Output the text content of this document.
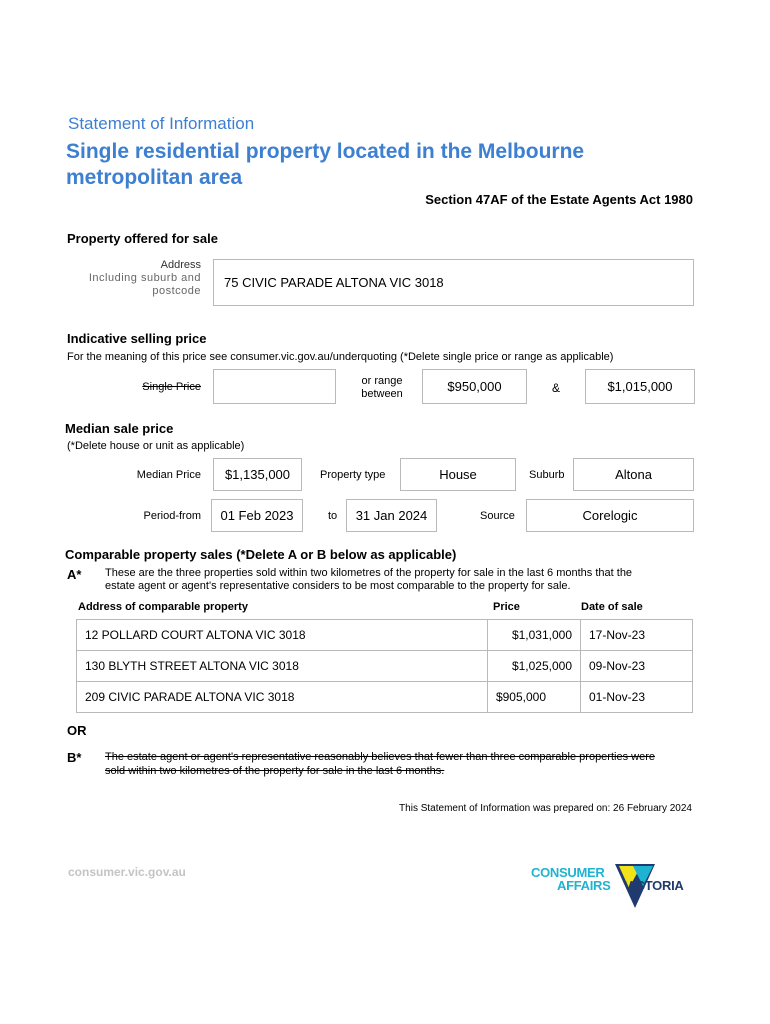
Statement of Information
Single residential property located in the Melbourne
metropolitan area
Section 47AF of the Estate Agents Act 1980
Property offered for sale
Address
Including suburb and
postcode
75 CIVIC PARADE ALTONA VIC 3018
Indicative selling price
For the meaning of this price see consumer.vic.gov.au/underquoting (*Delete single price or range as applicable)
Single Price	or range
between	$950,000	&	$1,015,000
Median sale price
(*Delete house or unit as applicable)
Median Price $1,135,000	Property type	House	Suburb	Altona
Period-from 01 Feb 2023	to 31 Jan 2024	Source	Corelogic
Comparable property sales (*Delete A or B below as applicable)
A* These are the three properties sold within two kilometres of the property for sale in the last 6 months that the
estate agent or agent's representative considers to be most comparable to the property for sale.
Address of comparable property	Price	Date of sale
12 POLLARD COURT ALTONA VIC 3018	$1,031,000	17-Nov-23
130 BLYTH STREET ALTONA VIC 3018	$1,025,000	09-Nov-23
209 CIVIC PARADE ALTONA VIC 3018	$905,000	01-Nov-23
OR
B* The estate agent or agent's representative reasonably believes that fewer than three comparable properties were
sold within two kilometres of the property for sale in the last 6 months.
This Statement of Information was prepared on: 26 February 2024
consumer.vic.gov.au	CONSUMER
AFFAIRS VICTORIA
